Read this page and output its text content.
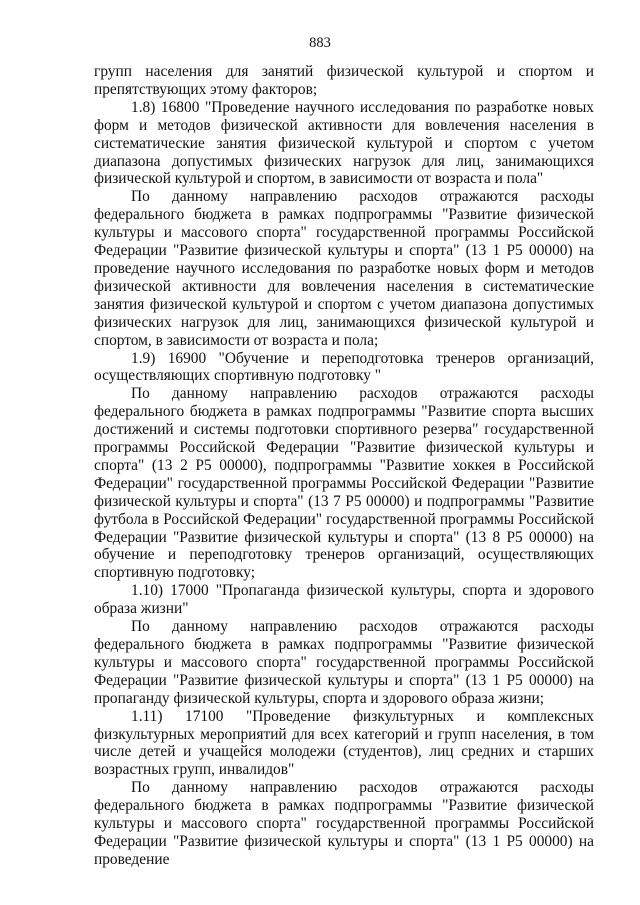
883

групп населения для занятий физической культурой и спортом и препятствующих этому факторов;

1.8) 16800 "Проведение научного исследования по разработке новых форм и методов физической активности для вовлечения населения в систематические занятия физической культурой и спортом с учетом диапазона допустимых физических нагрузок для лиц, занимающихся физической культурой и спортом, в зависимости от возраста и пола"

По данному направлению расходов отражаются расходы федерального бюджета в рамках подпрограммы "Развитие физической культуры и массового спорта" государственной программы Российской Федерации "Развитие физической культуры и спорта" (13 1 Р5 00000) на проведение научного исследования по разработке новых форм и методов физической активности для вовлечения населения в систематические занятия физической культурой и спортом с учетом диапазона допустимых физических нагрузок для лиц, занимающихся физической культурой и спортом, в зависимости от возраста и пола;

1.9) 16900 "Обучение и переподготовка тренеров организаций, осуществляющих спортивную подготовку "

По данному направлению расходов отражаются расходы федерального бюджета в рамках подпрограммы "Развитие спорта высших достижений и системы подготовки спортивного резерва" государственной программы Российской Федерации "Развитие физической культуры и спорта" (13 2 Р5 00000), подпрограммы "Развитие хоккея в Российской Федерации" государственной программы Российской Федерации "Развитие физической культуры и спорта" (13 7 Р5 00000) и подпрограммы "Развитие футбола в Российской Федерации" государственной программы Российской Федерации "Развитие физической культуры и спорта" (13 8 Р5 00000) на обучение и переподготовку тренеров организаций, осуществляющих спортивную подготовку;

1.10) 17000 "Пропаганда физической культуры, спорта и здорового образа жизни"

По данному направлению расходов отражаются расходы федерального бюджета в рамках подпрограммы "Развитие физической культуры и массового спорта" государственной программы Российской Федерации "Развитие физической культуры и спорта" (13 1 Р5 00000) на пропаганду физической культуры, спорта и здорового образа жизни;

1.11) 17100 "Проведение физкультурных и комплексных физкультурных мероприятий для всех категорий и групп населения, в том числе детей и учащейся молодежи (студентов), лиц средних и старших возрастных групп, инвалидов"

По данному направлению расходов отражаются расходы федерального бюджета в рамках подпрограммы "Развитие физической культуры и массового спорта" государственной программы Российской Федерации "Развитие физической культуры и спорта" (13 1 Р5 00000) на проведение
